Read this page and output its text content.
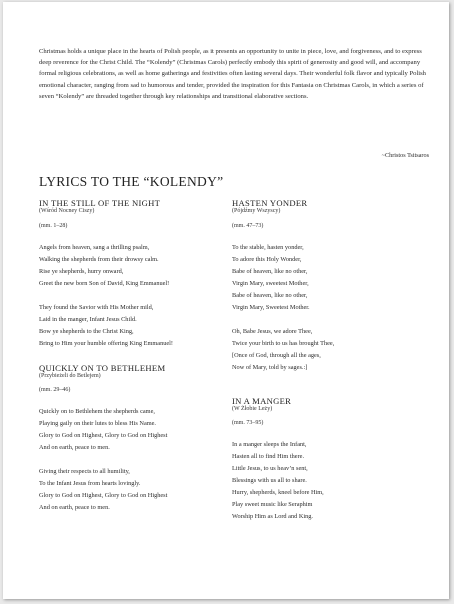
Christmas holds a unique place in the hearts of Polish people, as it presents an opportunity to unite in piece, love, and forgiveness, and to express deep reverence for the Christ Child. The “Kolendy” (Christmas Carols) perfectly embody this spirit of generosity and good will, and accompany formal religious celebrations, as well as home gatherings and festivities often lasting several days. Their wonderful folk flavor and typically Polish emotional character, ranging from sad to humorous and tender, provided the inspiration for this Fantasia on Christmas Carols, in which a series of seven “Kolendy” are threaded together through key relationships and transitional elaborative sections.

~Christos Tsitsaros
LYRICS TO THE “KOLENDY”
IN THE STILL OF THE NIGHT

(Wśród Nocney Ciszy)

(mm. 1–28)

Angels from heaven, sang a thrilling psalm,
Walking the shepherds from their drowsy calm.
Rise ye shepherds, hurry onward,
Greet the new born Son of David, King Emmanuel!
They found the Savior with His Mother mild,
Laid in the manger, Infant Jesus Child.
Bow ye shepherds to the Christ King,
Bring to Him your humble offering King Emmanuel!
QUICKLY ON TO BETHLEHEM

(Przybieżeli do Betlejem)

(mm. 29–46)

Quickly on to Bethlehem the shepherds came,
Playing gaily on their lutes to bless His Name.
Glory to God on Highest, Glory to God on Highest
And on earth, peace to men.
Giving their respects to all humility,
To the Infant Jesus from hearts lovingly.
Glory to God on Highest, Glory to God on Highest
And on earth, peace to men.
HASTEN YONDER

(Pójdźmy Wszyscy)

(mm. 47–73)

To the stable, hasten yonder,
To adore this Holy Wonder,
Babe of heaven, like no other,
Virgin Mary, sweetest Mother,
Babe of heaven, like no other,
Virgin Mary, Sweetest Mother.
Oh, Babe Jesus, we adore Thee,
Twice your birth to us has brought Thee,
[Once of God, through all the ages,
Now of Mary, told by sages.:]
IN A MANGER

(W Żłobie Leży)

(mm. 73–95)

In a manger sleeps the Infant,
Hasten all to find Him there.
Little Jesus, to us heav’n sent,
Blessings with us all to share.
Hurry, shepherds, kneel before Him,
Play sweet music like Seraphim
Worship Him as Lord and King.
